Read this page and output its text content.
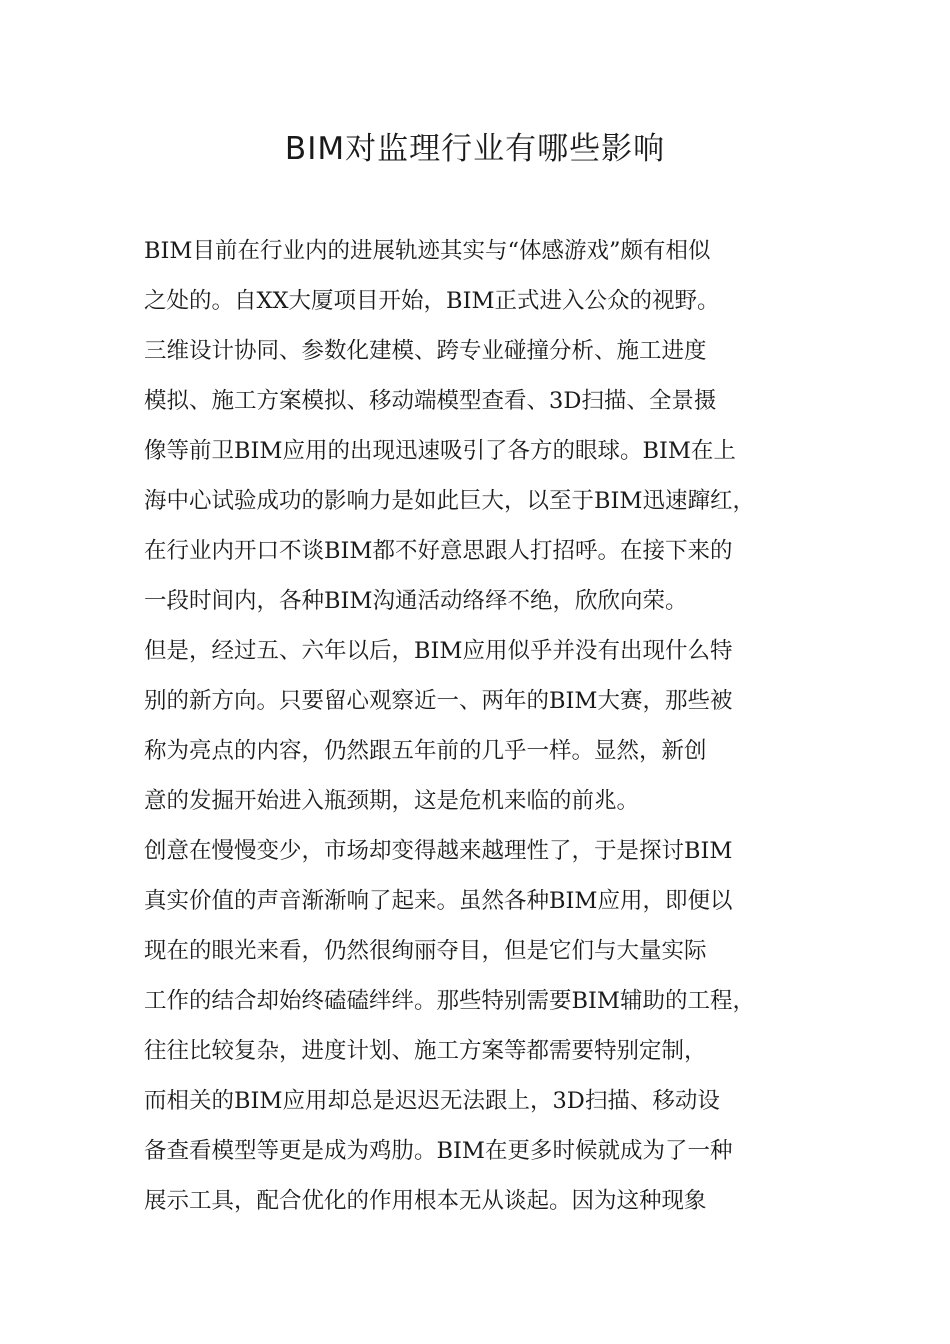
BIM对监理行业有哪些影响
BIM目前在行业内的进展轨迹其实与“体感游戏”颇有相似
之处的。自XX大厦项目开始，BIM正式进入公众的视野。
三维设计协同、参数化建模、跨专业碰撞分析、施工进度
模拟、施工方案模拟、移动端模型查看、3D扫描、全景摄
像等前卫BIM应用的出现迅速吸引了各方的眼球。BIM在上
海中心试验成功的影响力是如此巨大，以至于BIM迅速蹿红，
在行业内开口不谈BIM都不好意思跟人打招呼。在接下来的
一段时间内，各种BIM沟通活动络绎不绝，欣欣向荣。
但是，经过五、六年以后，BIM应用似乎并没有出现什么特
别的新方向。只要留心观察近一、两年的BIM大赛，那些被
称为亮点的内容，仍然跟五年前的几乎一样。显然，新创
意的发掘开始进入瓶颈期，这是危机来临的前兆。
创意在慢慢变少，市场却变得越来越理性了，于是探讨BIM
真实价值的声音渐渐响了起来。虽然各种BIM应用，即便以
现在的眼光来看，仍然很绚丽夺目，但是它们与大量实际
工作的结合却始终磕磕绊绊。那些特别需要BIM辅助的工程，
往往比较复杂，进度计划、施工方案等都需要特别定制，
而相关的BIM应用却总是迟迟无法跟上，3D扫描、移动设
备查看模型等更是成为鸡肋。BIM在更多时候就成为了一种
展示工具，配合优化的作用根本无从谈起。因为这种现象
